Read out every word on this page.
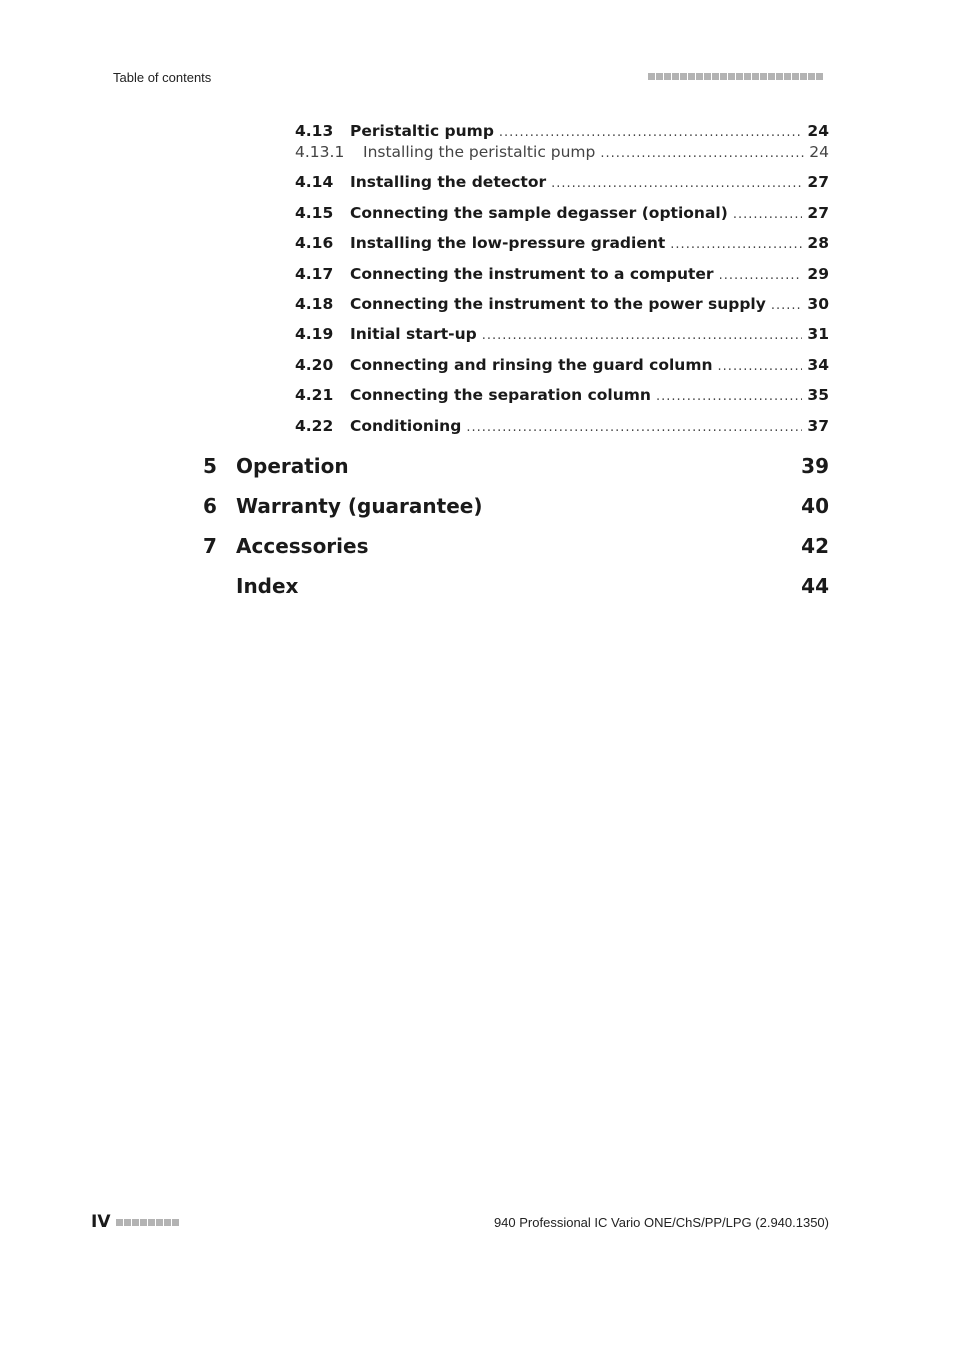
Table of contents
4.13	Peristaltic pump .....	24
4.13.1	Installing the peristaltic pump .....	24
4.14	Installing the detector .....	27
4.15	Connecting the sample degasser (optional) .....	27
4.16	Installing the low-pressure gradient .....	28
4.17	Connecting the instrument to a computer .....	29
4.18	Connecting the instrument to the power supply .....	30
4.19	Initial start-up .....	31
4.20	Connecting and rinsing the guard column .....	34
4.21	Connecting the separation column .....	35
4.22	Conditioning .....	37
5 Operation	39
6 Warranty (guarantee)	40
7 Accessories	42
Index	44
IV	940 Professional IC Vario ONE/ChS/PP/LPG (2.940.1350)
